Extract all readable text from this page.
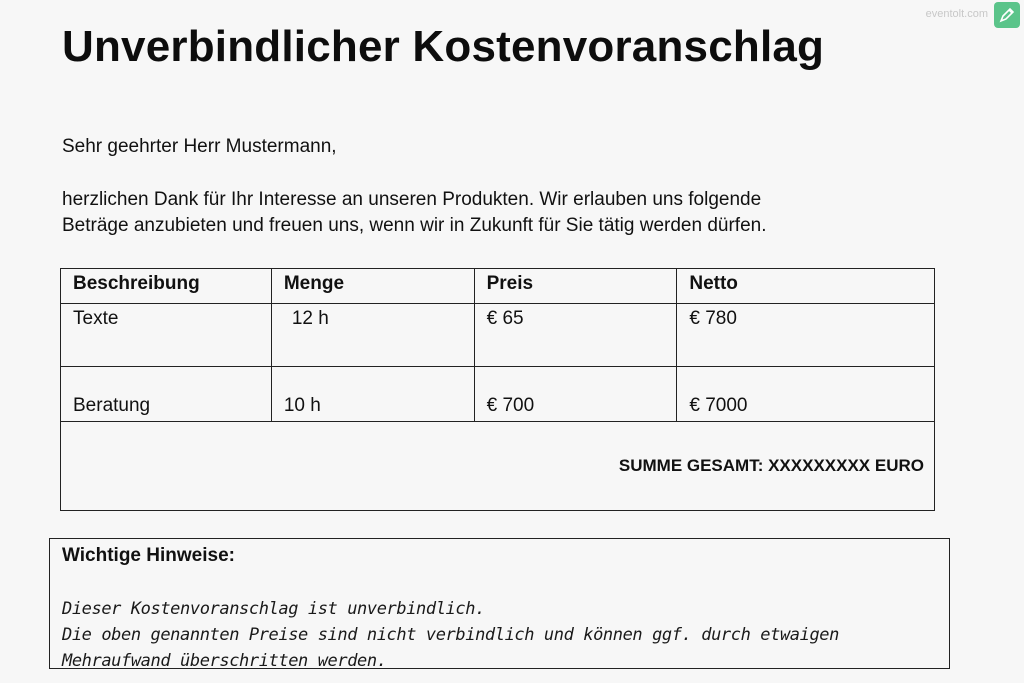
eventolt.com
Unverbindlicher Kostenvoranschlag
Sehr geehrter Herr Mustermann,
herzlichen Dank für Ihr Interesse an unseren Produkten. Wir erlauben uns folgende
Beträge anzubieten und freuen uns, wenn wir in Zukunft für Sie tätig werden dürfen.
Beschreibung	Menge	Preis	Netto
Texte	12 h	€ 65	€ 780
Beratung	10 h	€ 700	€ 7000
SUMME GESAMT: XXXXXXXXX EURO			
Wichtige Hinweise:
Dieser Kostenvoranschlag ist unverbindlich.
Die oben genannten Preise sind nicht verbindlich und können ggf. durch etwaigen
Mehraufwand überschritten werden.
